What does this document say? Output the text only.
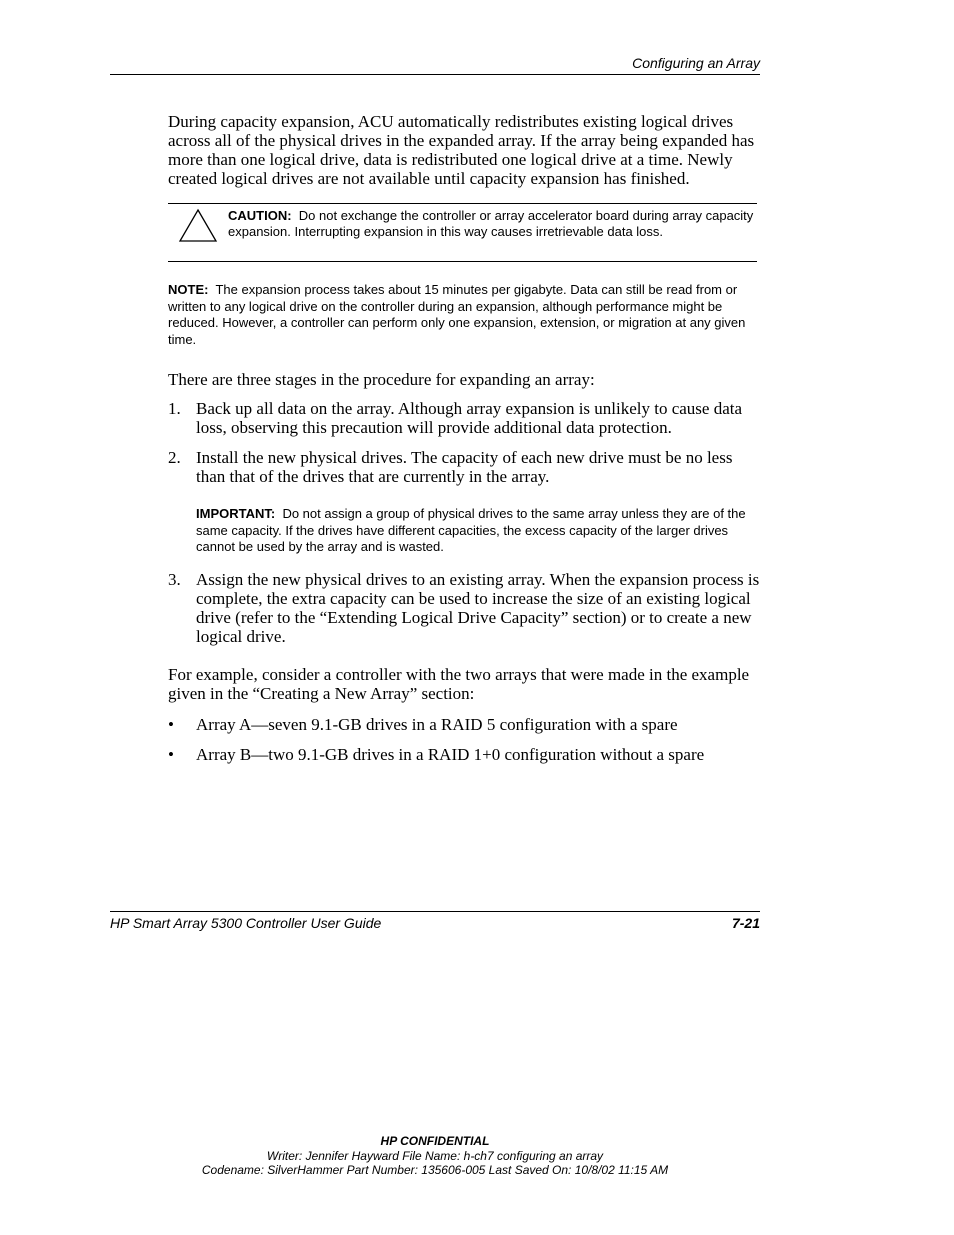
Configuring an Array
During capacity expansion, ACU automatically redistributes existing logical drives across all of the physical drives in the expanded array. If the array being expanded has more than one logical drive, data is redistributed one logical drive at a time. Newly created logical drives are not available until capacity expansion has finished.
CAUTION: Do not exchange the controller or array accelerator board during array capacity expansion. Interrupting expansion in this way causes irretrievable data loss.
NOTE: The expansion process takes about 15 minutes per gigabyte. Data can still be read from or written to any logical drive on the controller during an expansion, although performance might be reduced. However, a controller can perform only one expansion, extension, or migration at any given time.
There are three stages in the procedure for expanding an array:
1. Back up all data on the array. Although array expansion is unlikely to cause data loss, observing this precaution will provide additional data protection.
2. Install the new physical drives. The capacity of each new drive must be no less than that of the drives that are currently in the array.
IMPORTANT: Do not assign a group of physical drives to the same array unless they are of the same capacity. If the drives have different capacities, the excess capacity of the larger drives cannot be used by the array and is wasted.
3. Assign the new physical drives to an existing array. When the expansion process is complete, the extra capacity can be used to increase the size of an existing logical drive (refer to the “Extending Logical Drive Capacity” section) or to create a new logical drive.
For example, consider a controller with the two arrays that were made in the example given in the “Creating a New Array” section:
• Array A—seven 9.1-GB drives in a RAID 5 configuration with a spare
• Array B—two 9.1-GB drives in a RAID 1+0 configuration without a spare
HP Smart Array 5300 Controller User Guide	7-21
HP CONFIDENTIAL
Writer: Jennifer Hayward File Name: h-ch7 configuring an array
Codename: SilverHammer Part Number: 135606-005 Last Saved On: 10/8/02 11:15 AM
